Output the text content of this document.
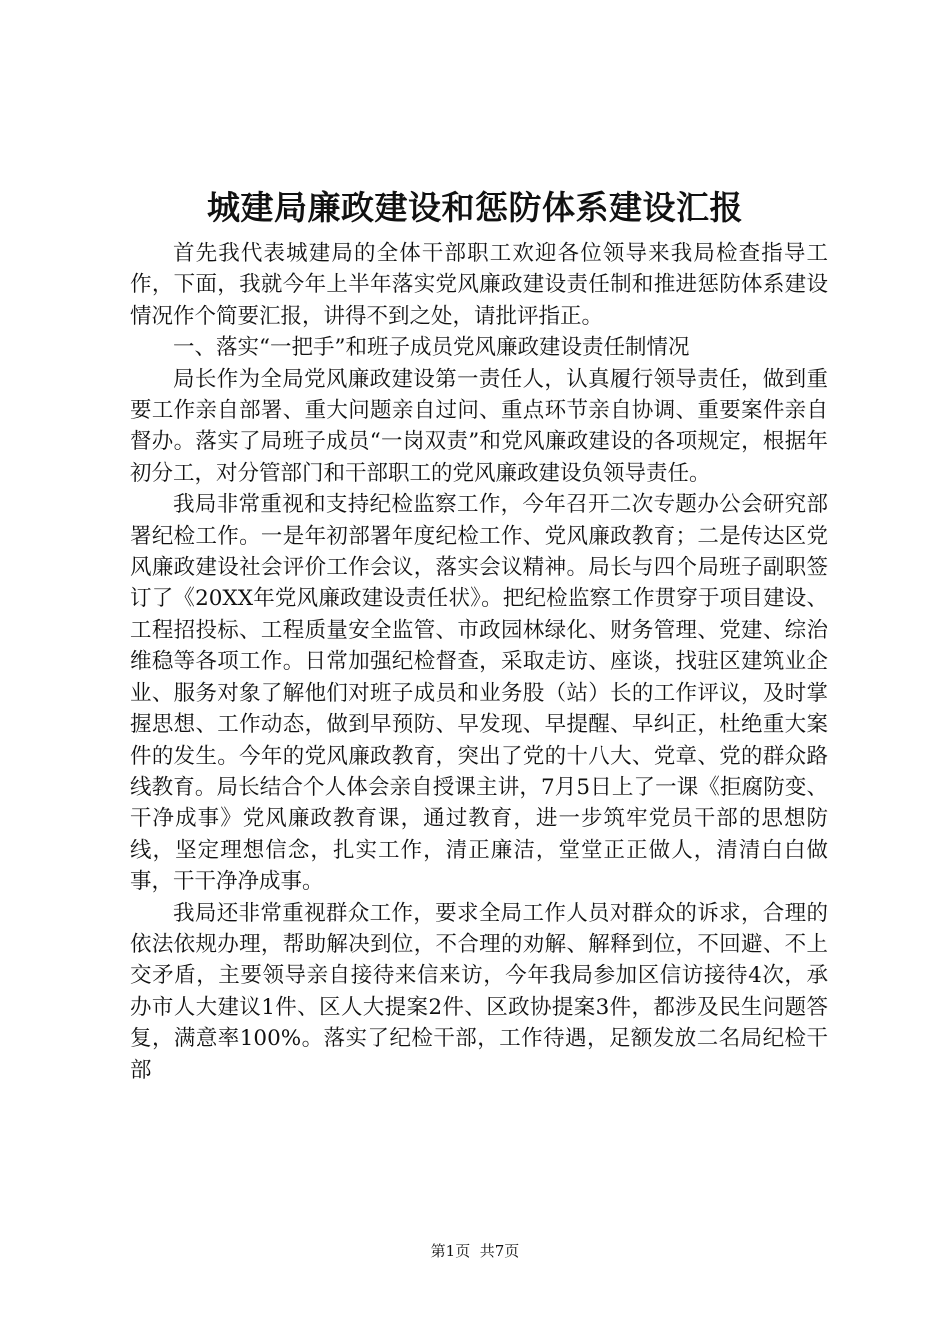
城建局廉政建设和惩防体系建设汇报

首先我代表城建局的全体干部职工欢迎各位领导来我局检查指导工作，下面，我就今年上半年落实党风廉政建设责任制和推进惩防体系建设情况作个简要汇报，讲得不到之处，请批评指正。

一、落实“一把手”和班子成员党风廉政建设责任制情况

局长作为全局党风廉政建设第一责任人，认真履行领导责任，做到重要工作亲自部署、重大问题亲自过问、重点环节亲自协调、重要案件亲自督办。落实了局班子成员“一岗双责”和党风廉政建设的各项规定，根据年初分工，对分管部门和干部职工的党风廉政建设负领导责任。

我局非常重视和支持纪检监察工作，今年召开二次专题办公会研究部署纪检工作。一是年初部署年度纪检工作、党风廉政教育；二是传达区党风廉政建设社会评价工作会议，落实会议精神。局长与四个局班子副职签订了《20XX年党风廉政建设责任状》。把纪检监察工作贯穿于项目建设、工程招投标、工程质量安全监管、市政园林绿化、财务管理、党建、综治维稳等各项工作。日常加强纪检督查，采取走访、座谈，找驻区建筑业企业、服务对象了解他们对班子成员和业务股（站）长的工作评议，及时掌握思想、工作动态，做到早预防、早发现、早提醒、早纠正，杜绝重大案件的发生。今年的党风廉政教育，突出了党的十八大、党章、党的群众路线教育。局长结合个人体会亲自授课主讲，7月5日上了一课《拒腐防变、干净成事》党风廉政教育课，通过教育，进一步筑牢党员干部的思想防线，坚定理想信念，扎实工作，清正廉洁，堂堂正正做人，清清白白做事，干干净净成事。

我局还非常重视群众工作，要求全局工作人员对群众的诉求，合理的依法依规办理，帮助解决到位，不合理的劝解、解释到位，不回避、不上交矛盾，主要领导亲自接待来信来访，今年我局参加区信访接待4次，承办市人大建议1件、区人大提案2件、区政协提案3件，都涉及民生问题答复，满意率100%。落实了纪检干部，工作待遇，足额发放二名局纪检干部

第1页 共7页
